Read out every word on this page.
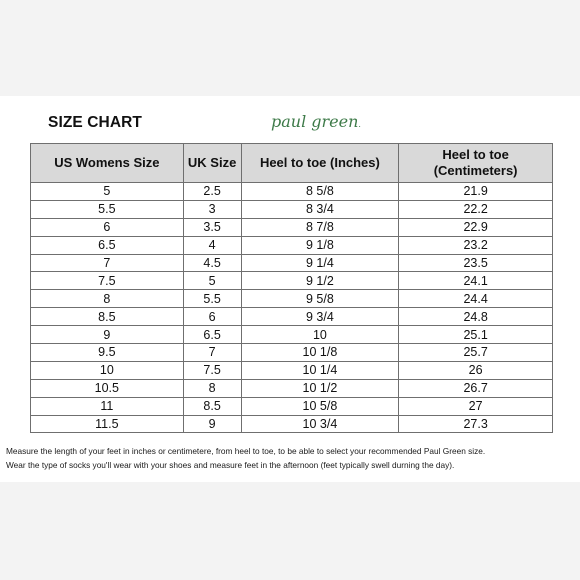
SIZE CHART	paul green.
US Womens Size	UK Size	Heel to toe (Inches)	Heel to toe (Centimeters)
5	2.5	8 5/8	21.9
5.5	3	8 3/4	22.2
6	3.5	8 7/8	22.9
6.5	4	9 1/8	23.2
7	4.5	9 1/4	23.5
7.5	5	9 1/2	24.1
8	5.5	9 5/8	24.4
8.5	6	9 3/4	24.8
9	6.5	10	25.1
9.5	7	10 1/8	25.7
10	7.5	10 1/4	26
10.5	8	10 1/2	26.7
11	8.5	10 5/8	27
11.5	9	10 3/4	27.3
Measure the length of your feet in inches or centimetere, from heel to toe, to be able to select your recommended Paul Green size.
Wear the type of socks you'll wear with your shoes and measure feet in the afternoon (feet typically swell durning the day).
